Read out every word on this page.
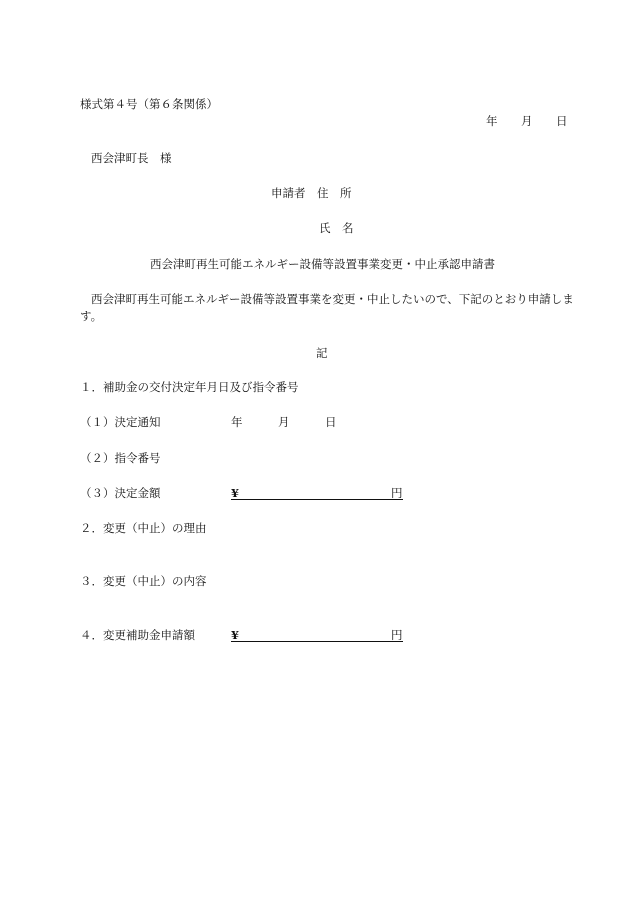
様式第４号（第６条関係）
年 月 日
西会津町長　様
申請者　住　所
氏　名
西会津町再生可能エネルギー設備等設置事業変更・中止承認申請書
西会津町再生可能エネルギー設備等設置事業を変更・中止したいので、下記のとおり申請します。
記
１．補助金の交付決定年月日及び指令番号
（１）決定通知	年	月	日
（２）指令番号
（３）決定金額	¥	円
２．変更（中止）の理由
３．変更（中止）の内容
４．変更補助金申請額	¥	円
